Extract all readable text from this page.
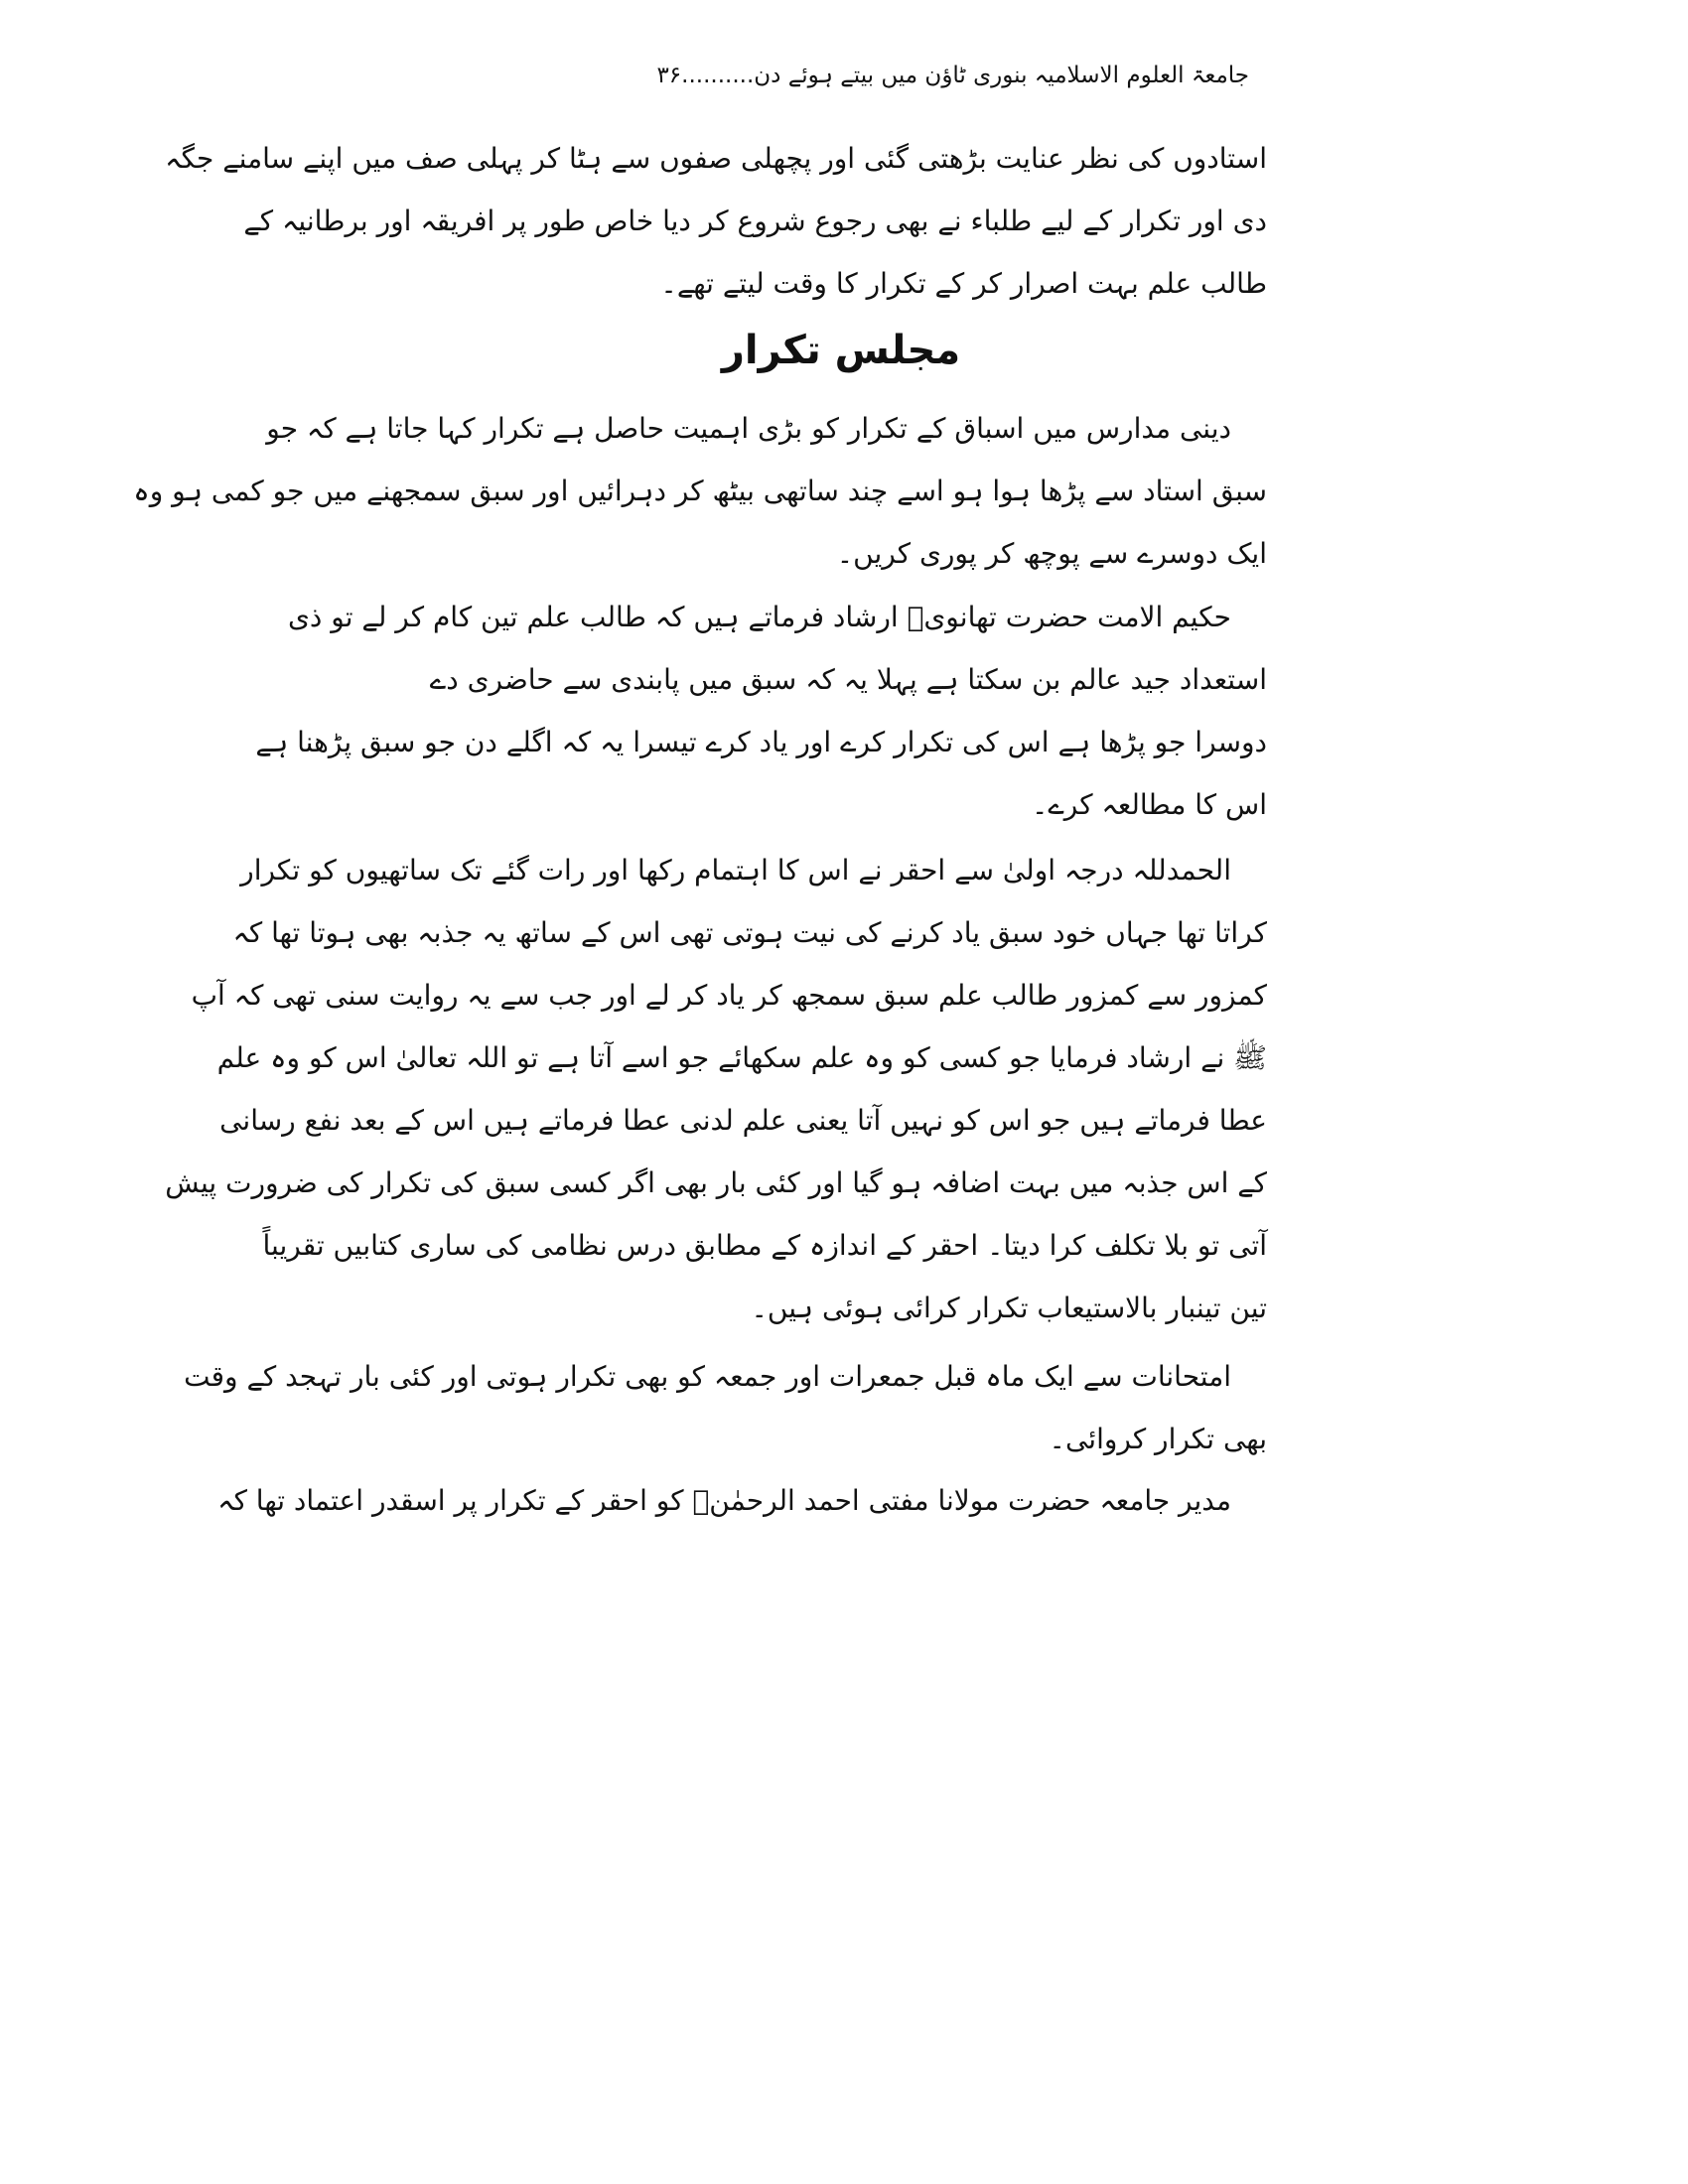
جامعۃ العلوم الاسلامیہ بنوری ٹاؤن میں بیتے ہوئے دن..........۳۶
استادوں کی نظر عنایت بڑھتی گئی اور پچھلی صفوں سے ہٹا کر پہلی صف میں اپنے سامنے جگہ
دی اور تکرار کے لیے طلباء نے بھی رجوع شروع کر دیا خاص طور پر افریقہ اور برطانیہ کے
طالب علم بہت اصرار کر کے تکرار کا وقت لیتے تھے۔
مجلس تکرار
دینی مدارس میں اسباق کے تکرار کو بڑی اہمیت حاصل ہے تکرار کہا جاتا ہے کہ جو
سبق استاد سے پڑھا ہوا ہو اسے چند ساتھی بیٹھ کر دہرائیں اور سبق سمجھنے میں جو کمی ہو وہ
ایک دوسرے سے پوچھ کر پوری کریں۔
حکیم الامت حضرت تھانویؒ ارشاد فرماتے ہیں کہ طالب علم تین کام کر لے تو ذی
استعداد جید عالم بن سکتا ہے پہلا یہ کہ سبق میں پابندی سے حاضری دے
دوسرا جو پڑھا ہے اس کی تکرار کرے اور یاد کرے تیسرا یہ کہ اگلے دن جو سبق پڑھنا ہے
اس کا مطالعہ کرے۔
الحمدللہ درجہ اولیٰ سے احقر نے اس کا اہتمام رکھا اور رات گئے تک ساتھیوں کو تکرار
کراتا تھا جہاں خود سبق یاد کرنے کی نیت ہوتی تھی اس کے ساتھ یہ جذبہ بھی ہوتا تھا کہ
کمزور سے کمزور طالب علم سبق سمجھ کر یاد کر لے اور جب سے یہ روایت سنی تھی کہ آپ
ﷺ نے ارشاد فرمایا جو کسی کو وہ علم سکھائے جو اسے آتا ہے تو اللہ تعالیٰ اس کو وہ علم
عطا فرماتے ہیں جو اس کو نہیں آتا یعنی علم لدنی عطا فرماتے ہیں اس کے بعد نفع رسانی
کے اس جذبہ میں بہت اضافہ ہو گیا اور کئی بار بھی اگر کسی سبق کی تکرار کی ضرورت پیش
آتی تو بلا تکلف کرا دیتا۔ احقر کے اندازہ کے مطابق درس نظامی کی ساری کتابیں تقریباً
تین تینبار بالاستیعاب تکرار کرائی ہوئی ہیں۔
امتحانات سے ایک ماہ قبل جمعرات اور جمعہ کو بھی تکرار ہوتی اور کئی بار تہجد کے وقت
بھی تکرار کروائی۔
مدیر جامعہ حضرت مولانا مفتی احمد الرحمٰنؒ کو احقر کے تکرار پر اسقدر اعتماد تھا کہ
